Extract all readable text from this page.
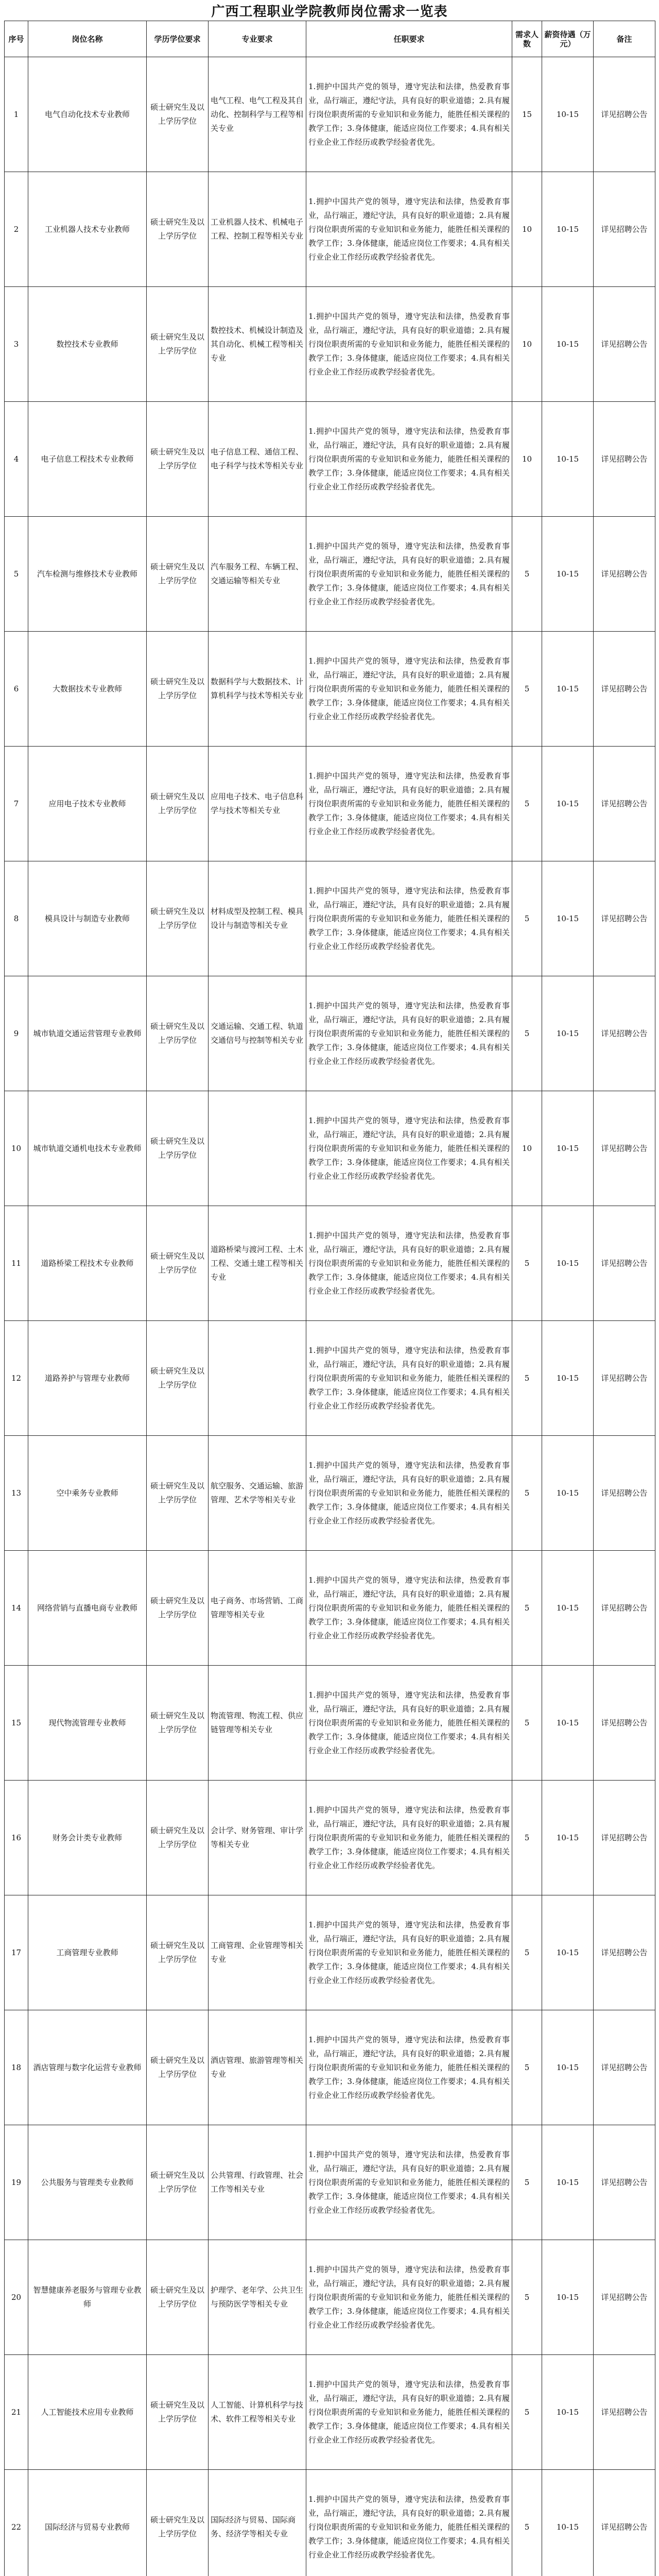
广西工程职业学院教师岗位需求一览表
序号	岗位名称	学历学位要求	专业要求	任职要求	需求人数	薪资待遇（万元）	备注
1	电气自动化技术专业教师	硕士研究生及以上学历学位	电气工程、电气工程及其自动化、控制科学与工程等相关专业	1.拥护中国共产党的领导，遵守宪法和法律，热爱教育事业，品行端正，遵纪守法，具有良好的职业道德；2.具有履行岗位职责所需的专业知识和业务能力，能胜任相关课程的教学工作；3.身体健康，能适应岗位工作要求；4.具有相关行业企业工作经历或教学经验者优先。	15	10-15	详见招聘公告
2	工业机器人技术专业教师	硕士研究生及以上学历学位	工业机器人技术、机械电子工程、控制工程等相关专业	1.拥护中国共产党的领导，遵守宪法和法律，热爱教育事业，品行端正，遵纪守法，具有良好的职业道德；2.具有履行岗位职责所需的专业知识和业务能力，能胜任相关课程的教学工作；3.身体健康，能适应岗位工作要求；4.具有相关行业企业工作经历或教学经验者优先。	10	10-15	详见招聘公告
3	数控技术专业教师	硕士研究生及以上学历学位	数控技术、机械设计制造及其自动化、机械工程等相关专业	1.拥护中国共产党的领导，遵守宪法和法律，热爱教育事业，品行端正，遵纪守法，具有良好的职业道德；2.具有履行岗位职责所需的专业知识和业务能力，能胜任相关课程的教学工作；3.身体健康，能适应岗位工作要求；4.具有相关行业企业工作经历或教学经验者优先。	10	10-15	详见招聘公告
4	电子信息工程技术专业教师	硕士研究生及以上学历学位	电子信息工程、通信工程、电子科学与技术等相关专业	1.拥护中国共产党的领导，遵守宪法和法律，热爱教育事业，品行端正，遵纪守法，具有良好的职业道德；2.具有履行岗位职责所需的专业知识和业务能力，能胜任相关课程的教学工作；3.身体健康，能适应岗位工作要求；4.具有相关行业企业工作经历或教学经验者优先。	10	10-15	详见招聘公告
5	汽车检测与维修技术专业教师	硕士研究生及以上学历学位	汽车服务工程、车辆工程、交通运输等相关专业	1.拥护中国共产党的领导，遵守宪法和法律，热爱教育事业，品行端正，遵纪守法，具有良好的职业道德；2.具有履行岗位职责所需的专业知识和业务能力，能胜任相关课程的教学工作；3.身体健康，能适应岗位工作要求；4.具有相关行业企业工作经历或教学经验者优先。	5	10-15	详见招聘公告
6	大数据技术专业教师	硕士研究生及以上学历学位	数据科学与大数据技术、计算机科学与技术等相关专业	1.拥护中国共产党的领导，遵守宪法和法律，热爱教育事业，品行端正，遵纪守法，具有良好的职业道德；2.具有履行岗位职责所需的专业知识和业务能力，能胜任相关课程的教学工作；3.身体健康，能适应岗位工作要求；4.具有相关行业企业工作经历或教学经验者优先。	5	10-15	详见招聘公告
7	应用电子技术专业教师	硕士研究生及以上学历学位	应用电子技术、电子信息科学与技术等相关专业	1.拥护中国共产党的领导，遵守宪法和法律，热爱教育事业，品行端正，遵纪守法，具有良好的职业道德；2.具有履行岗位职责所需的专业知识和业务能力，能胜任相关课程的教学工作；3.身体健康，能适应岗位工作要求；4.具有相关行业企业工作经历或教学经验者优先。	5	10-15	详见招聘公告
8	模具设计与制造专业教师	硕士研究生及以上学历学位	材料成型及控制工程、模具设计与制造等相关专业	1.拥护中国共产党的领导，遵守宪法和法律，热爱教育事业，品行端正，遵纪守法，具有良好的职业道德；2.具有履行岗位职责所需的专业知识和业务能力，能胜任相关课程的教学工作；3.身体健康，能适应岗位工作要求；4.具有相关行业企业工作经历或教学经验者优先。	5	10-15	详见招聘公告
9	城市轨道交通运营管理专业教师	硕士研究生及以上学历学位	交通运输、交通工程、轨道交通信号与控制等相关专业	1.拥护中国共产党的领导，遵守宪法和法律，热爱教育事业，品行端正，遵纪守法，具有良好的职业道德；2.具有履行岗位职责所需的专业知识和业务能力，能胜任相关课程的教学工作；3.身体健康，能适应岗位工作要求；4.具有相关行业企业工作经历或教学经验者优先。	5	10-15	详见招聘公告
10	城市轨道交通机电技术专业教师	硕士研究生及以上学历学位		1.拥护中国共产党的领导，遵守宪法和法律，热爱教育事业，品行端正，遵纪守法，具有良好的职业道德；2.具有履行岗位职责所需的专业知识和业务能力，能胜任相关课程的教学工作；3.身体健康，能适应岗位工作要求；4.具有相关行业企业工作经历或教学经验者优先。	10	10-15	详见招聘公告
11	道路桥梁工程技术专业教师	硕士研究生及以上学历学位	道路桥梁与渡河工程、土木工程、交通土建工程等相关专业	1.拥护中国共产党的领导，遵守宪法和法律，热爱教育事业，品行端正，遵纪守法，具有良好的职业道德；2.具有履行岗位职责所需的专业知识和业务能力，能胜任相关课程的教学工作；3.身体健康，能适应岗位工作要求；4.具有相关行业企业工作经历或教学经验者优先。	5	10-15	详见招聘公告
12	道路养护与管理专业教师	硕士研究生及以上学历学位		1.拥护中国共产党的领导，遵守宪法和法律，热爱教育事业，品行端正，遵纪守法，具有良好的职业道德；2.具有履行岗位职责所需的专业知识和业务能力，能胜任相关课程的教学工作；3.身体健康，能适应岗位工作要求；4.具有相关行业企业工作经历或教学经验者优先。	5	10-15	详见招聘公告
13	空中乘务专业教师	硕士研究生及以上学历学位	航空服务、交通运输、旅游管理、艺术学等相关专业	1.拥护中国共产党的领导，遵守宪法和法律，热爱教育事业，品行端正，遵纪守法，具有良好的职业道德；2.具有履行岗位职责所需的专业知识和业务能力，能胜任相关课程的教学工作；3.身体健康，能适应岗位工作要求；4.具有相关行业企业工作经历或教学经验者优先。	5	10-15	详见招聘公告
14	网络营销与直播电商专业教师	硕士研究生及以上学历学位	电子商务、市场营销、工商管理等相关专业	1.拥护中国共产党的领导，遵守宪法和法律，热爱教育事业，品行端正，遵纪守法，具有良好的职业道德；2.具有履行岗位职责所需的专业知识和业务能力，能胜任相关课程的教学工作；3.身体健康，能适应岗位工作要求；4.具有相关行业企业工作经历或教学经验者优先。	5	10-15	详见招聘公告
15	现代物流管理专业教师	硕士研究生及以上学历学位	物流管理、物流工程、供应链管理等相关专业	1.拥护中国共产党的领导，遵守宪法和法律，热爱教育事业，品行端正，遵纪守法，具有良好的职业道德；2.具有履行岗位职责所需的专业知识和业务能力，能胜任相关课程的教学工作；3.身体健康，能适应岗位工作要求；4.具有相关行业企业工作经历或教学经验者优先。	5	10-15	详见招聘公告
16	财务会计类专业教师	硕士研究生及以上学历学位	会计学、财务管理、审计学等相关专业	1.拥护中国共产党的领导，遵守宪法和法律，热爱教育事业，品行端正，遵纪守法，具有良好的职业道德；2.具有履行岗位职责所需的专业知识和业务能力，能胜任相关课程的教学工作；3.身体健康，能适应岗位工作要求；4.具有相关行业企业工作经历或教学经验者优先。	5	10-15	详见招聘公告
17	工商管理专业教师	硕士研究生及以上学历学位	工商管理、企业管理等相关专业	1.拥护中国共产党的领导，遵守宪法和法律，热爱教育事业，品行端正，遵纪守法，具有良好的职业道德；2.具有履行岗位职责所需的专业知识和业务能力，能胜任相关课程的教学工作；3.身体健康，能适应岗位工作要求；4.具有相关行业企业工作经历或教学经验者优先。	5	10-15	详见招聘公告
18	酒店管理与数字化运营专业教师	硕士研究生及以上学历学位	酒店管理、旅游管理等相关专业	1.拥护中国共产党的领导，遵守宪法和法律，热爱教育事业，品行端正，遵纪守法，具有良好的职业道德；2.具有履行岗位职责所需的专业知识和业务能力，能胜任相关课程的教学工作；3.身体健康，能适应岗位工作要求；4.具有相关行业企业工作经历或教学经验者优先。	5	10-15	详见招聘公告
19	公共服务与管理类专业教师	硕士研究生及以上学历学位	公共管理、行政管理、社会工作等相关专业	1.拥护中国共产党的领导，遵守宪法和法律，热爱教育事业，品行端正，遵纪守法，具有良好的职业道德；2.具有履行岗位职责所需的专业知识和业务能力，能胜任相关课程的教学工作；3.身体健康，能适应岗位工作要求；4.具有相关行业企业工作经历或教学经验者优先。	5	10-15	详见招聘公告
20	智慧健康养老服务与管理专业教师	硕士研究生及以上学历学位	护理学、老年学、公共卫生与预防医学等相关专业	1.拥护中国共产党的领导，遵守宪法和法律，热爱教育事业，品行端正，遵纪守法，具有良好的职业道德；2.具有履行岗位职责所需的专业知识和业务能力，能胜任相关课程的教学工作；3.身体健康，能适应岗位工作要求；4.具有相关行业企业工作经历或教学经验者优先。	5	10-15	详见招聘公告
21	人工智能技术应用专业教师	硕士研究生及以上学历学位	人工智能、计算机科学与技术、软件工程等相关专业	1.拥护中国共产党的领导，遵守宪法和法律，热爱教育事业，品行端正，遵纪守法，具有良好的职业道德；2.具有履行岗位职责所需的专业知识和业务能力，能胜任相关课程的教学工作；3.身体健康，能适应岗位工作要求；4.具有相关行业企业工作经历或教学经验者优先。	5	10-15	详见招聘公告
22	国际经济与贸易专业教师	硕士研究生及以上学历学位	国际经济与贸易、国际商务、经济学等相关专业	1.拥护中国共产党的领导，遵守宪法和法律，热爱教育事业，品行端正，遵纪守法，具有良好的职业道德；2.具有履行岗位职责所需的专业知识和业务能力，能胜任相关课程的教学工作；3.身体健康，能适应岗位工作要求；4.具有相关行业企业工作经历或教学经验者优先。	5	10-15	详见招聘公告
